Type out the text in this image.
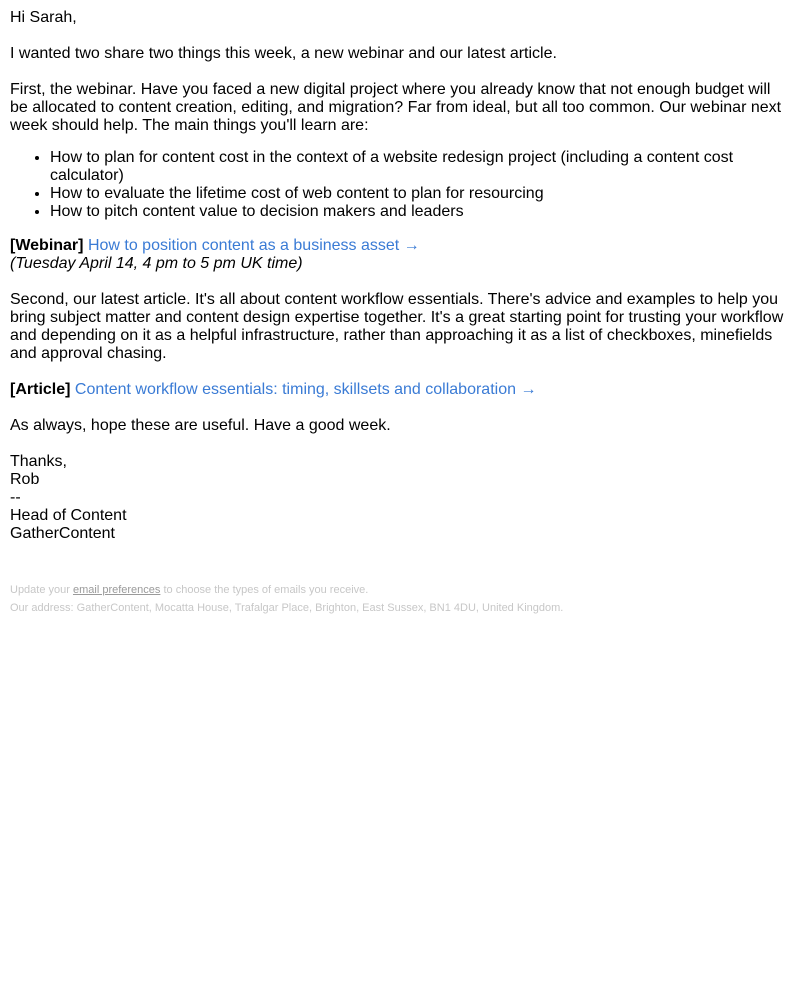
Hi Sarah,

I wanted two share two things this week, a new webinar and our latest article.

First, the webinar. Have you faced a new digital project where you already know that not enough budget will be allocated to content creation, editing, and migration? Far from ideal, but all too common. Our webinar next week should help. The main things you'll learn are:

• How to plan for content cost in the context of a website redesign project (including a content cost calculator)
• How to evaluate the lifetime cost of web content to plan for resourcing
• How to pitch content value to decision makers and leaders

[Webinar] How to position content as a business asset →
(Tuesday April 14, 4 pm to 5 pm UK time)

Second, our latest article. It's all about content workflow essentials. There's advice and examples to help you bring subject matter and content design expertise together. It's a great starting point for trusting your workflow and depending on it as a helpful infrastructure, rather than approaching it as a list of checkboxes, minefields and approval chasing.

[Article] Content workflow essentials: timing, skillsets and collaboration →

As always, hope these are useful. Have a good week.

Thanks,
Rob
--
Head of Content
GatherContent
Update your email preferences to choose the types of emails you receive.
Our address: GatherContent, Mocatta House, Trafalgar Place, Brighton, East Sussex, BN1 4DU, United Kingdom.
